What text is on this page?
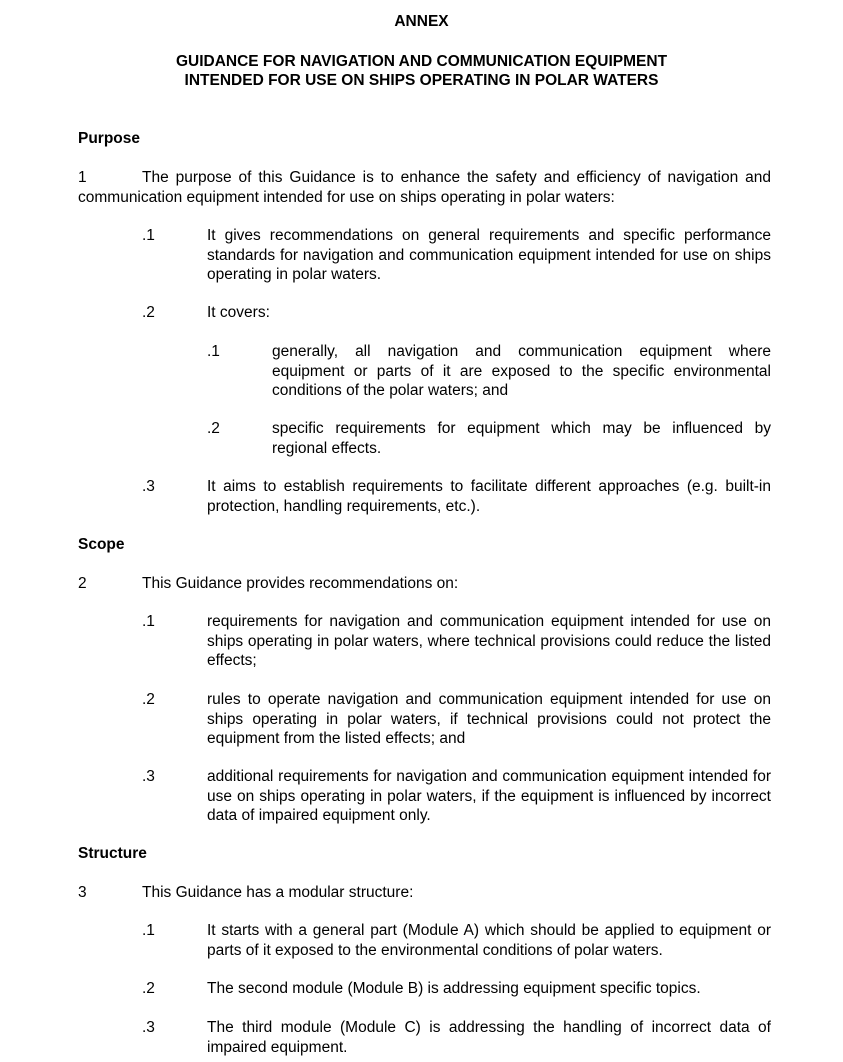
ANNEX
GUIDANCE FOR NAVIGATION AND COMMUNICATION EQUIPMENT
INTENDED FOR USE ON SHIPS OPERATING IN POLAR WATERS
Purpose
1	The purpose of this Guidance is to enhance the safety and efficiency of navigation and communication equipment intended for use on ships operating in polar waters:
.1	It gives recommendations on general requirements and specific performance standards for navigation and communication equipment intended for use on ships operating in polar waters.
.2	It covers:
.1	generally, all navigation and communication equipment where equipment or parts of it are exposed to the specific environmental conditions of the polar waters; and
.2	specific requirements for equipment which may be influenced by regional effects.
.3	It aims to establish requirements to facilitate different approaches (e.g. built-in protection, handling requirements, etc.).
Scope
2	This Guidance provides recommendations on:
.1	requirements for navigation and communication equipment intended for use on ships operating in polar waters, where technical provisions could reduce the listed effects;
.2	rules to operate navigation and communication equipment intended for use on ships operating in polar waters, if technical provisions could not protect the equipment from the listed effects; and
.3	additional requirements for navigation and communication equipment intended for use on ships operating in polar waters, if the equipment is influenced by incorrect data of impaired equipment only.
Structure
3	This Guidance has a modular structure:
.1	It starts with a general part (Module A) which should be applied to equipment or parts of it exposed to the environmental conditions of polar waters.
.2	The second module (Module B) is addressing equipment specific topics.
.3	The third module (Module C) is addressing the handling of incorrect data of impaired equipment.
